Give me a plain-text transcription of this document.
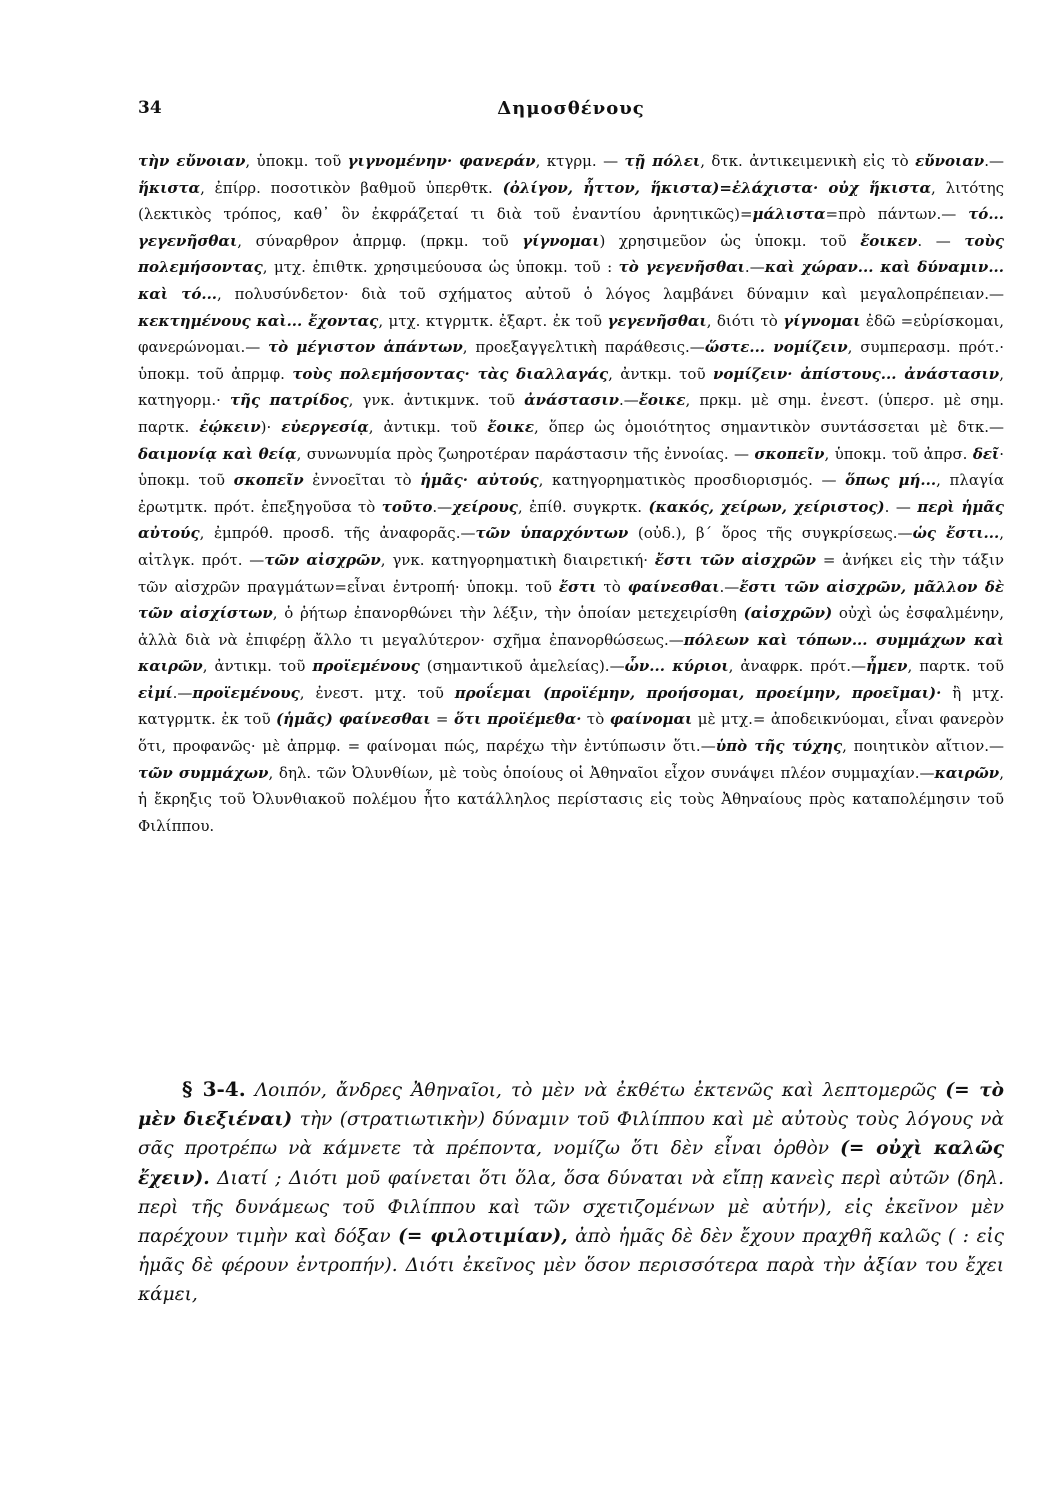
34	Δημοσθένους

τὴν εὔνοιαν, ὑποκμ. τοῦ γιγνομένην· φανεράν, κτγρμ. — τῇ πόλει, δτκ. ἀντικειμενικὴ εἰς τὸ εὔνοιαν.—ἥκιστα, ἐπίρρ. ποσοτικὸν βαθμοῦ ὑπερθτκ. (ὀλίγον, ἧττον, ἥκιστα)=ἐλάχιστα· οὐχ ἥκιστα, λιτότης (λεκτικὸς τρόπος, καθ᾽ ὃν ἐκφράζεταί τι διὰ τοῦ ἐναντίου ἀρνητικῶς)=μάλιστα=πρὸ πάντων.— τό... γεγενῆσθαι, σύναρθρον ἀπρμφ. (πρκμ. τοῦ γίγνομαι) χρησιμεῦον ὡς ὑποκμ. τοῦ ἔοικεν. — τοὺς πολεμήσοντας, μτχ. ἐπιθτκ. χρησιμεύουσα ὡς ὑποκμ. τοῦ : τὸ γεγενῆσθαι.—καὶ χώραν... καὶ δύναμιν... καὶ τό..., πολυσύνδετον· διὰ τοῦ σχήματος αὐτοῦ ὁ λόγος λαμβάνει δύναμιν καὶ μεγαλοπρέπειαν.—κεκτημένους καὶ... ἔχοντας, μτχ. κτγρμτκ. ἐξαρτ. ἐκ τοῦ γεγενῆσθαι, διότι τὸ γίγνομαι ἐδῶ =εὑρίσκομαι, φανερώνομαι.— τὸ μέγιστον ἁπάντων, προεξαγγελτικὴ παράθεσις.—ὥστε... νομίζειν, συμπερασμ. πρότ.· ὑποκμ. τοῦ ἀπρμφ. τοὺς πολεμήσοντας· τὰς διαλλαγάς, ἀντκμ. τοῦ νομίζειν· ἀπίστους... ἀνάστασιν, κατηγορμ.· τῆς πατρίδος, γνκ. ἀντικμνκ. τοῦ ἀνάστασιν.—ἔοικε, πρκμ. μὲ σημ. ἐνεστ. (ὑπερσ. μὲ σημ. παρτκ. ἐῴκειν)· εὐεργεσίᾳ, ἀντικμ. τοῦ ἔοικε, ὅπερ ὡς ὁμοιότητος σημαντικὸν συντάσσεται μὲ δτκ.— δαιμονίᾳ καὶ θείᾳ, συνωνυμία πρὸς ζωηροτέραν παράστασιν τῆς ἐννοίας. — σκοπεῖν, ὑποκμ. τοῦ ἀπρσ. δεῖ· ὑποκμ. τοῦ σκοπεῖν ἐννοεῖται τὸ ἡμᾶς· αὐτούς, κατηγορηματικὸς προσδιορισμός. — ὅπως μή..., πλαγία ἐρωτμτκ. πρότ. ἐπεξηγοῦσα τὸ τοῦτο.—χείρους, ἐπίθ. συγκρτκ. (κακός, χείρων, χείριστος). — περὶ ἡμᾶς αὐτούς, ἐμπρόθ. προσδ. τῆς ἀναφορᾶς.—τῶν ὑπαρχόντων (οὐδ.), β΄ ὅρος τῆς συγκρίσεως.—ὡς ἔστι..., αἰτλγκ. πρότ. —τῶν αἰσχρῶν, γνκ. κατηγορηματικὴ διαιρετική· ἔστι τῶν αἰσχρῶν = ἀνήκει εἰς τὴν τάξιν τῶν αἰσχρῶν πραγμάτων=εἶναι ἐντροπή· ὑποκμ. τοῦ ἔστι τὸ φαίνεσθαι.—ἔστι τῶν αἰσχρῶν, μᾶλλον δὲ τῶν αἰσχίστων, ὁ ῥήτωρ ἐπανορθώνει τὴν λέξιν, τὴν ὁποίαν μετεχειρίσθη (αἰσχρῶν) οὐχὶ ὡς ἐσφαλμένην, ἀλλὰ διὰ νὰ ἐπιφέρῃ ἄλλο τι μεγαλύτερον· σχῆμα ἐπανορθώσεως.—πόλεων καὶ τόπων... συμμάχων καὶ καιρῶν, ἀντικμ. τοῦ προϊεμένους (σημαντικοῦ ἀμελείας).—ὧν... κύριοι, ἀναφρκ. πρότ.—ἦμεν, παρτκ. τοῦ εἰμί.—προϊεμένους, ἐνεστ. μτχ. τοῦ προΐεμαι (προϊέμην, προήσομαι, προείμην, προεῖμαι)· ἢ μτχ. κατγρμτκ. ἐκ τοῦ (ἡμᾶς) φαίνεσθαι = ὅτι προϊέμεθα· τὸ φαίνομαι μὲ μτχ.= ἀποδεικνύομαι, εἶναι φανερὸν ὅτι, προφανῶς· μὲ ἀπρμφ. = φαίνομαι πώς, παρέχω τὴν ἐντύπωσιν ὅτι.—ὑπὸ τῆς τύχης, ποιητικὸν αἴτιον.—τῶν συμμάχων, δηλ. τῶν Ὀλυνθίων, μὲ τοὺς ὁποίους οἱ Ἀθηναῖοι εἶχον συνάψει πλέον συμμαχίαν.—καιρῶν, ἡ ἔκρηξις τοῦ Ὀλυνθιακοῦ πολέμου ἦτο κατάλληλος περίστασις εἰς τοὺς Ἀθηναίους πρὸς καταπολέμησιν τοῦ Φιλίππου.

§ 3-4. Λοιπόν, ἄνδρες Ἀθηναῖοι, τὸ μὲν νὰ ἐκθέτω ἐκτενῶς καὶ λεπτομερῶς (= τὸ μὲν διεξιέναι) τὴν (στρατιωτικὴν) δύναμιν τοῦ Φιλίππου καὶ μὲ αὐτοὺς τοὺς λόγους νὰ σᾶς προτρέπω νὰ κάμνετε τὰ πρέποντα, νομίζω ὅτι δὲν εἶναι ὀρθὸν (= οὐχὶ καλῶς ἔχειν). Διατί ; Διότι μοῦ φαίνεται ὅτι ὅλα, ὅσα δύναται νὰ εἴπῃ κανεὶς περὶ αὐτῶν (δηλ. περὶ τῆς δυνάμεως τοῦ Φιλίππου καὶ τῶν σχετιζομένων μὲ αὐτήν), εἰς ἐκεῖνον μὲν παρέχουν τιμὴν καὶ δόξαν (= φιλοτιμίαν), ἀπὸ ἡμᾶς δὲ δὲν ἔχουν πραχθῆ καλῶς ( : εἰς ἡμᾶς δὲ φέρουν ἐντροπήν). Διότι ἐκεῖνος μὲν ὅσον περισσότερα παρὰ τὴν ἀξίαν του ἔχει κάμει,
